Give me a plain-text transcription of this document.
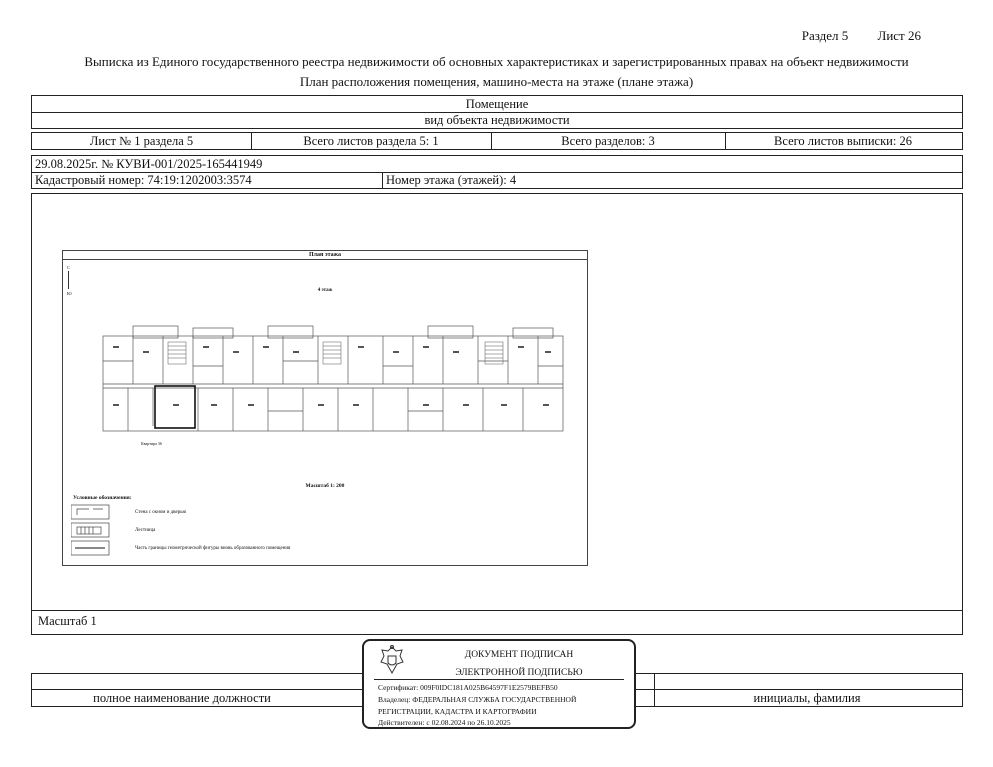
Раздел 5 Лист 26
Выписка из Единого государственного реестра недвижимости об основных характеристиках и зарегистрированных правах на объект недвижимости
План расположения помещения, машино-места на этаже (плане этажа)
Помещение
вид объекта недвижимости
Лист № 1 раздела 5	Всего листов раздела 5: 1	Всего разделов: 3	Всего листов выписки: 26
29.08.2025г. № КУВИ-001/2025-165441949
Кадастровый номер: 74:19:1202003:3574	Номер этажа (этажей): 4
Масштаб 1
План этажа
С
Ю
4 этаж
Квартира 36
Масштаб 1: 200
Условные обозначения:
Стена с окном и дверью
Лестница
Часть границы геометрической фигуры вновь образованного помещения
полное наименование должности	инициалы, фамилия
ДОКУМЕНТ ПОДПИСАН
ЭЛЕКТРОННОЙ ПОДПИСЬЮ
Сертификат: 009F0IDC181A025B64597F1E2579BEFB50
Владелец: ФЕДЕРАЛЬНАЯ СЛУЖБА ГОСУДАРСТВЕННОЙ
РЕГИСТРАЦИИ, КАДАСТРА И КАРТОГРАФИИ
Действителен: с 02.08.2024 по 26.10.2025
